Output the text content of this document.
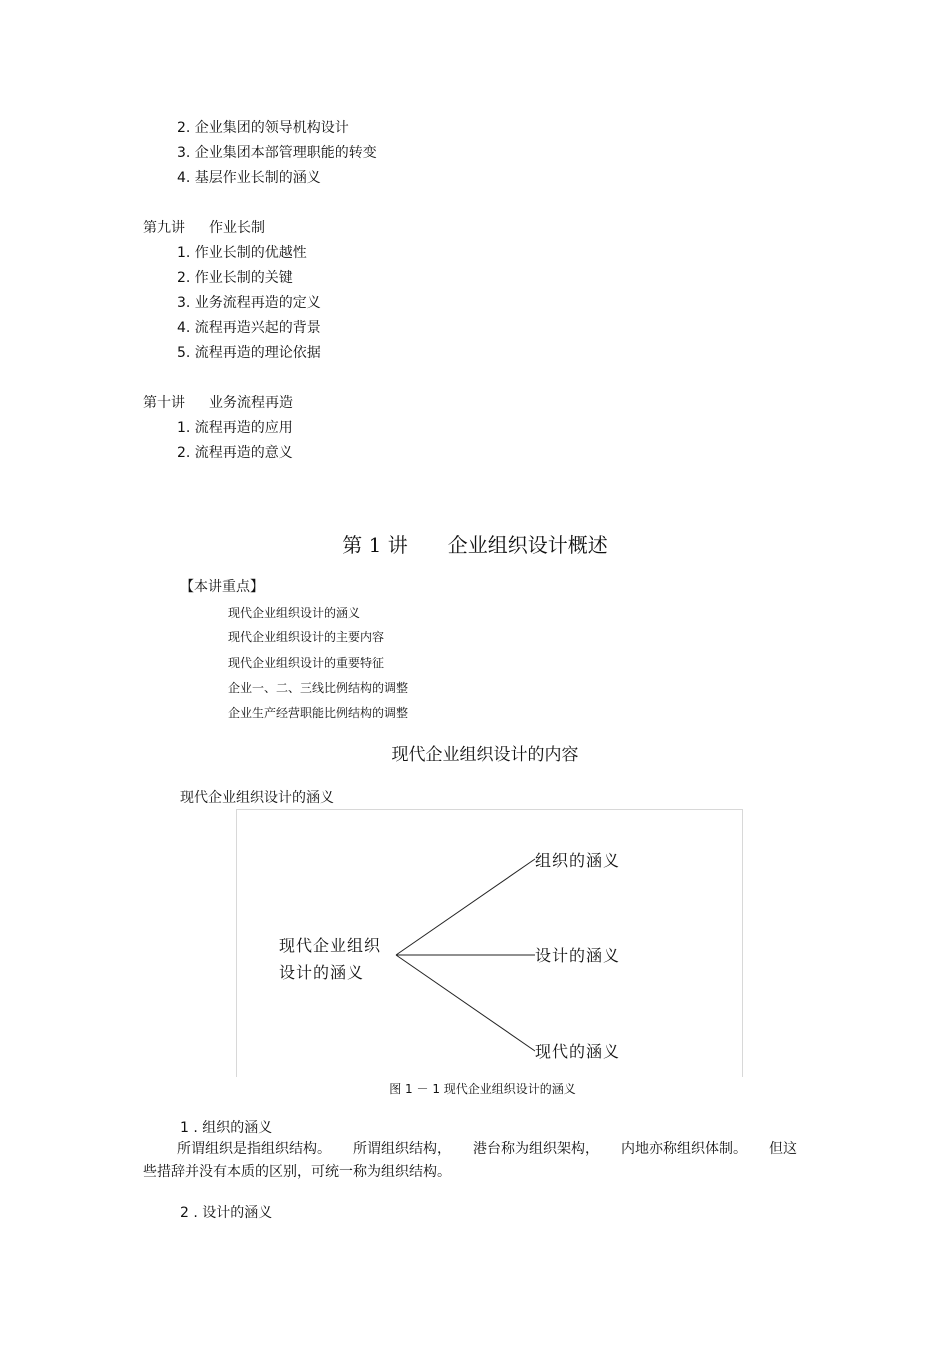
2. 企业集团的领导机构设计
3. 企业集团本部管理职能的转变
4. 基层作业长制的涵义
第九讲 作业长制
1. 作业长制的优越性
2. 作业长制的关键
3. 业务流程再造的定义
4. 流程再造兴起的背景
5. 流程再造的理论依据
第十讲 业务流程再造
1. 流程再造的应用
2. 流程再造的意义
第 1 讲 企业组织设计概述
【本讲重点】
现代企业组织设计的涵义
现代企业组织设计的主要内容
现代企业组织设计的重要特征
企业一、二、三线比例结构的调整
企业生产经营职能比例结构的调整
现代企业组织设计的内容
现代企业组织设计的涵义
现代企业组织
设计的涵义
组织的涵义
设计的涵义
现代的涵义
图 1 － 1 现代企业组织设计的涵义
1 . 组织的涵义
所谓组织是指组织结构。 所谓组织结构， 港台称为组织架构， 内地亦称组织体制。 但这
些措辞并没有本质的区别，可统一称为组织结构。
2 . 设计的涵义
